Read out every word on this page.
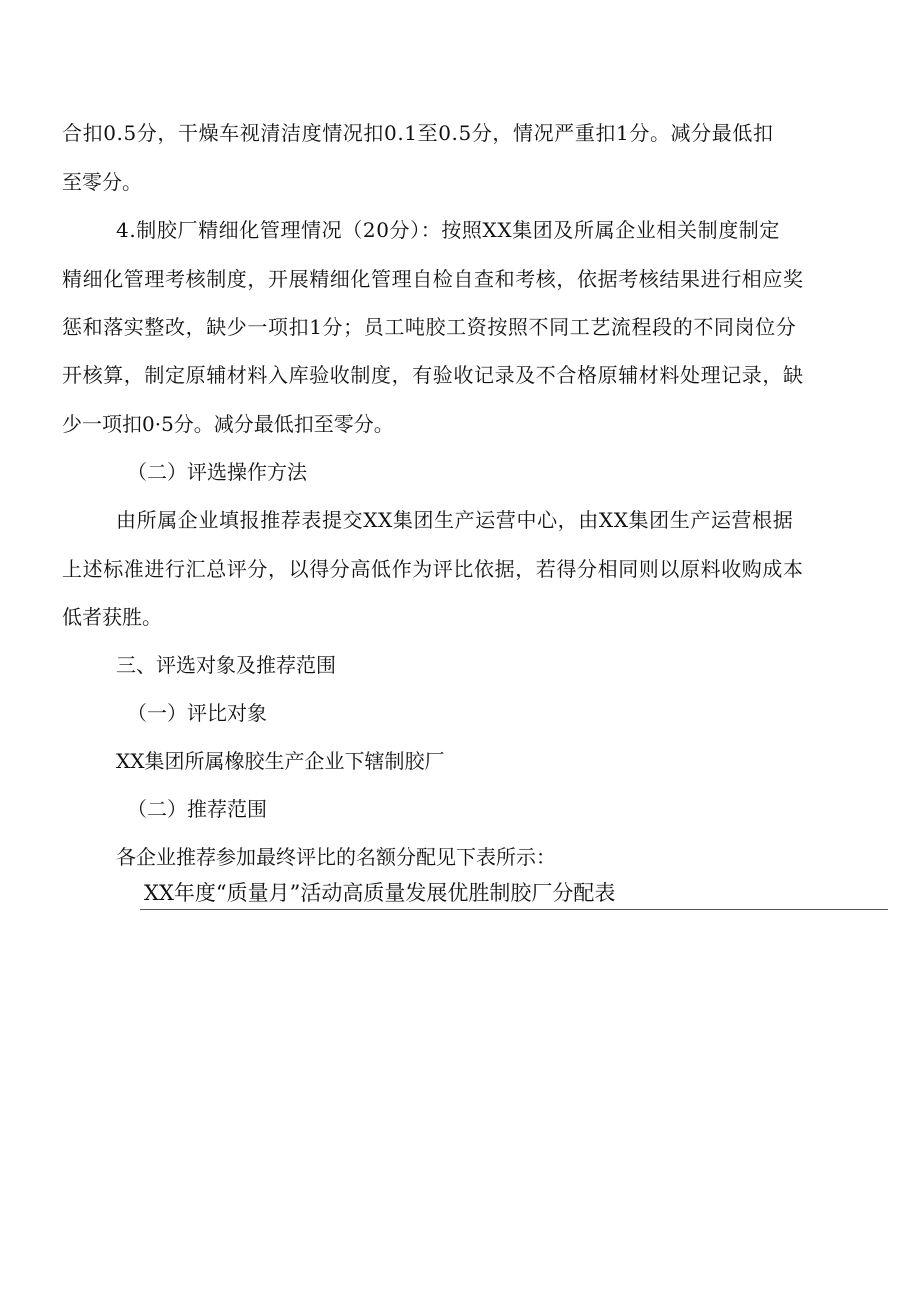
合扣0.5分，干燥车视清洁度情况扣0.1至0.5分，情况严重扣1分。减分最低扣
至零分。
4.制胶厂精细化管理情况（20分）：按照XX集团及所属企业相关制度制定
精细化管理考核制度，开展精细化管理自检自查和考核，依据考核结果进行相应奖
惩和落实整改，缺少一项扣1分；员工吨胶工资按照不同工艺流程段的不同岗位分
开核算，制定原辅材料入库验收制度，有验收记录及不合格原辅材料处理记录，缺
少一项扣0·5分。减分最低扣至零分。
（二）评选操作方法
由所属企业填报推荐表提交XX集团生产运营中心，由XX集团生产运营根据
上述标准进行汇总评分，以得分高低作为评比依据，若得分相同则以原料收购成本
低者获胜。
三、评选对象及推荐范围
（一）评比对象
XX集团所属橡胶生产企业下辖制胶厂
（二）推荐范围
各企业推荐参加最终评比的名额分配见下表所示：
XX年度“质量月”活动高质量发展优胜制胶厂分配表
